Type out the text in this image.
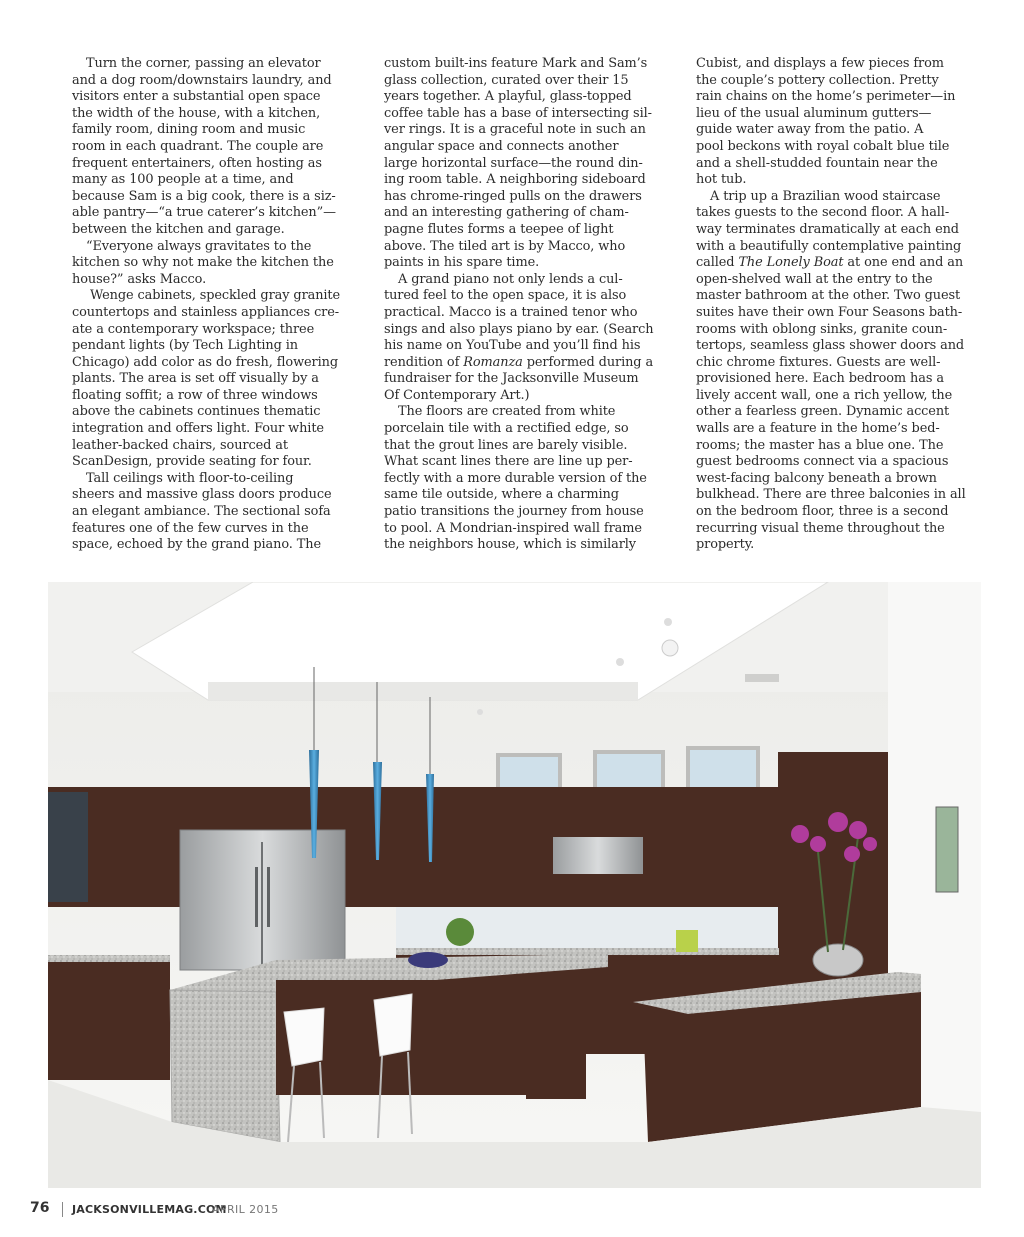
Turn the corner, passing an elevator
and a dog room/downstairs laundry, and
visitors enter a substantial open space
the width of the house, with a kitchen,
family room, dining room and music
room in each quadrant. The couple are
frequent entertainers, often hosting as
many as 100 people at a time, and
because Sam is a big cook, there is a siz-
able pantry—“a true caterer’s kitchen”—
between the kitchen and garage.

“Everyone always gravitates to the
kitchen so why not make the kitchen the
house?” asks Macco.

Wenge cabinets, speckled gray granite
countertops and stainless appliances cre-
ate a contemporary workspace; three
pendant lights (by Tech Lighting in
Chicago) add color as do fresh, flowering
plants. The area is set off visually by a
floating soffit; a row of three windows
above the cabinets continues thematic
integration and offers light. Four white
leather-backed chairs, sourced at
ScanDesign, provide seating for four.

Tall ceilings with floor-to-ceiling
sheers and massive glass doors produce
an elegant ambiance. The sectional sofa
features one of the few curves in the
space, echoed by the grand piano. The

custom built-ins feature Mark and Sam’s
glass collection, curated over their 15
years together. A playful, glass-topped
coffee table has a base of intersecting sil-
ver rings. It is a graceful note in such an
angular space and connects another
large horizontal surface—the round din-
ing room table. A neighboring sideboard
has chrome-ringed pulls on the drawers
and an interesting gathering of cham-
pagne flutes forms a teepee of light
above. The tiled art is by Macco, who
paints in his spare time.

A grand piano not only lends a cul-
tured feel to the open space, it is also
practical. Macco is a trained tenor who
sings and also plays piano by ear. (Search
his name on YouTube and you’ll find his
rendition of Romanza performed during a
fundraiser for the Jacksonville Museum
Of Contemporary Art.)

The floors are created from white
porcelain tile with a rectified edge, so
that the grout lines are barely visible.
What scant lines there are line up per-
fectly with a more durable version of the
same tile outside, where a charming
patio transitions the journey from house
to pool. A Mondrian-inspired wall frame
the neighbors house, which is similarly

Cubist, and displays a few pieces from
the couple’s pottery collection. Pretty
rain chains on the home’s perimeter—in
lieu of the usual aluminum gutters—
guide water away from the patio. A
pool beckons with royal cobalt blue tile
and a shell-studded fountain near the
hot tub.

A trip up a Brazilian wood staircase
takes guests to the second floor. A hall-
way terminates dramatically at each end
with a beautifully contemplative painting
called The Lonely Boat at one end and an
open-shelved wall at the entry to the
master bathroom at the other. Two guest
suites have their own Four Seasons bath-
rooms with oblong sinks, granite coun-
tertops, seamless glass shower doors and
chic chrome fixtures. Guests are well-
provisioned here. Each bedroom has a
lively accent wall, one a rich yellow, the
other a fearless green. Dynamic accent
walls are a feature in the home’s bed-
rooms; the master has a blue one. The
guest bedrooms connect via a spacious
west-facing balcony beneath a brown
bulkhead. There are three balconies in all
on the bedroom floor, three is a second
recurring visual theme throughout the
property.

76 JACKSONVILLEMAG.COM
APRIL 2015
